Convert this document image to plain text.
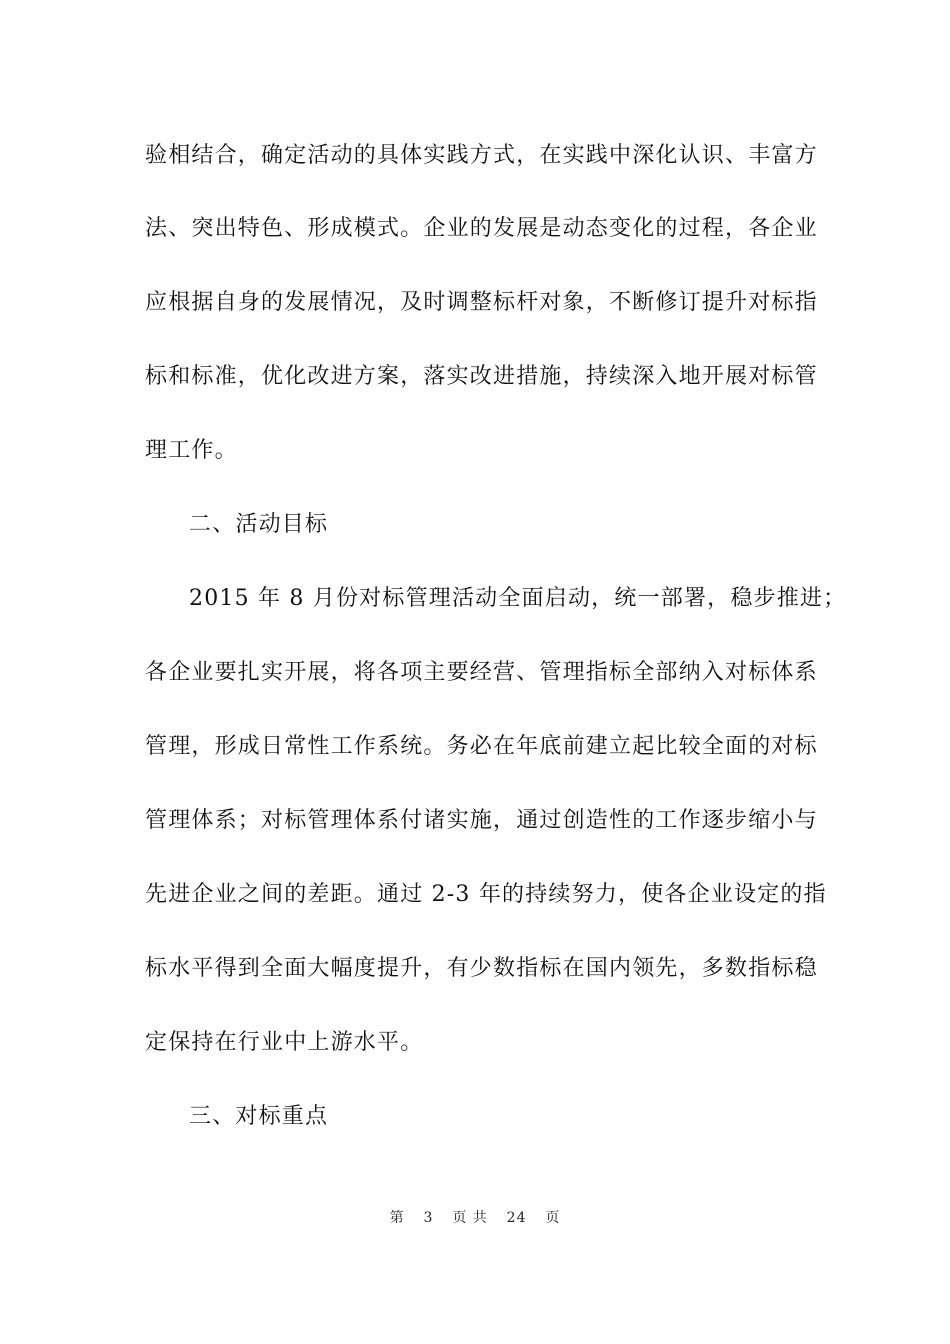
验相结合，确定活动的具体实践方式，在实践中深化认识、丰富方
法、突出特色、形成模式。企业的发展是动态变化的过程，各企业
应根据自身的发展情况，及时调整标杆对象，不断修订提升对标指
标和标准，优化改进方案，落实改进措施，持续深入地开展对标管
理工作。
二、活动目标
2015 年 8 月份对标管理活动全面启动，统一部署，稳步推进；
各企业要扎实开展，将各项主要经营、管理指标全部纳入对标体系
管理，形成日常性工作系统。务必在年底前建立起比较全面的对标
管理体系；对标管理体系付诸实施，通过创造性的工作逐步缩小与
先进企业之间的差距。通过 2-3 年的持续努力，使各企业设定的指
标水平得到全面大幅度提升，有少数指标在国内领先，多数指标稳
定保持在行业中上游水平。
三、对标重点
第 3 页 共 24 页
